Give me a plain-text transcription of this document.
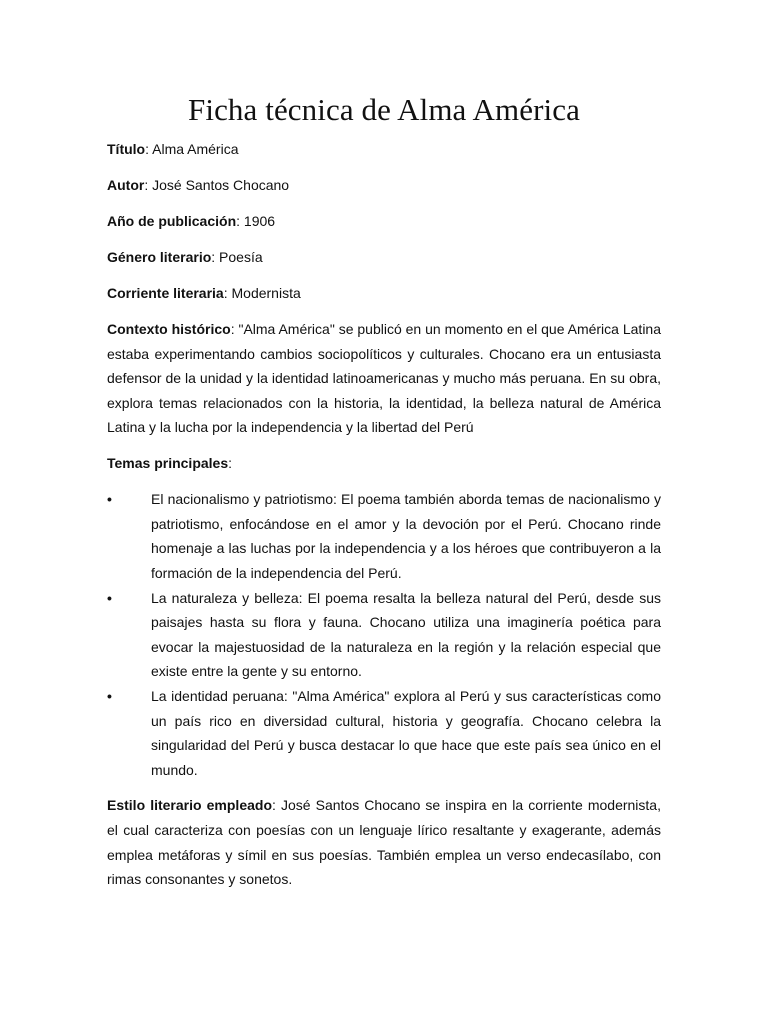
Ficha técnica de Alma América

Título: Alma América

Autor: José Santos Chocano

Año de publicación: 1906

Género literario: Poesía

Corriente literaria: Modernista

Contexto histórico: "Alma América" se publicó en un momento en el que América Latina estaba experimentando cambios sociopolíticos y culturales. Chocano era un entusiasta defensor de la unidad y la identidad latinoamericanas y mucho más peruana. En su obra, explora temas relacionados con la historia, la identidad, la belleza natural de América Latina y la lucha por la independencia y la libertad del Perú

Temas principales:

•	El nacionalismo y patriotismo: El poema también aborda temas de nacionalismo y patriotismo, enfocándose en el amor y la devoción por el Perú. Chocano rinde homenaje a las luchas por la independencia y a los héroes que contribuyeron a la formación de la independencia del Perú.
•	La naturaleza y belleza: El poema resalta la belleza natural del Perú, desde sus paisajes hasta su flora y fauna. Chocano utiliza una imaginería poética para evocar la majestuosidad de la naturaleza en la región y la relación especial que existe entre la gente y su entorno.
•	La identidad peruana: "Alma América" explora al Perú y sus características como un país rico en diversidad cultural, historia y geografía. Chocano celebra la singularidad del Perú y busca destacar lo que hace que este país sea único en el mundo.

Estilo literario empleado: José Santos Chocano se inspira en la corriente modernista, el cual caracteriza con poesías con un lenguaje lírico resaltante y exagerante, además emplea metáforas y símil en sus poesías. También emplea un verso endecasílabo, con rimas consonantes y sonetos.
